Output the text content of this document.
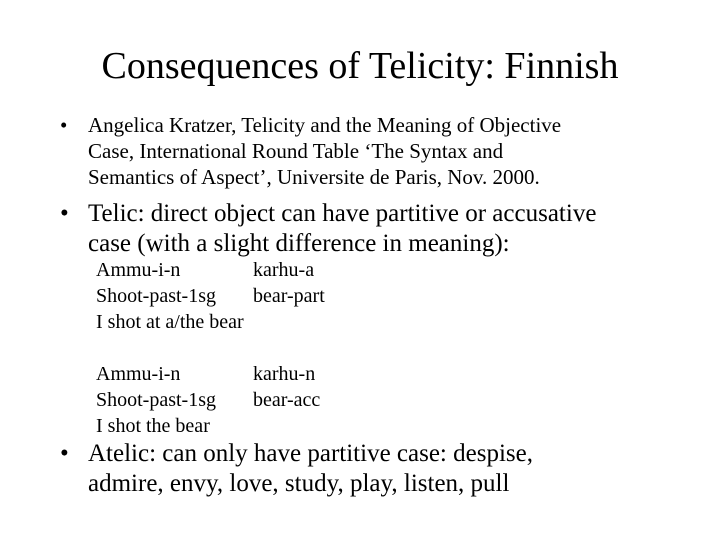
Consequences of Telicity: Finnish
• Angelica Kratzer, Telicity and the Meaning of Objective
Case, International Round Table ‘The Syntax and
Semantics of Aspect’, Universite de Paris, Nov. 2000.
• Telic: direct object can have partitive or accusative
case (with a slight difference in meaning):
Ammu-i-n	karhu-a
Shoot-past-1sg bear-part
I shot at a/the bear
Ammu-i-n	karhu-n
Shoot-past-1sg bear-acc
I shot the bear
• Atelic: can only have partitive case: despise,
admire, envy, love, study, play, listen, pull
